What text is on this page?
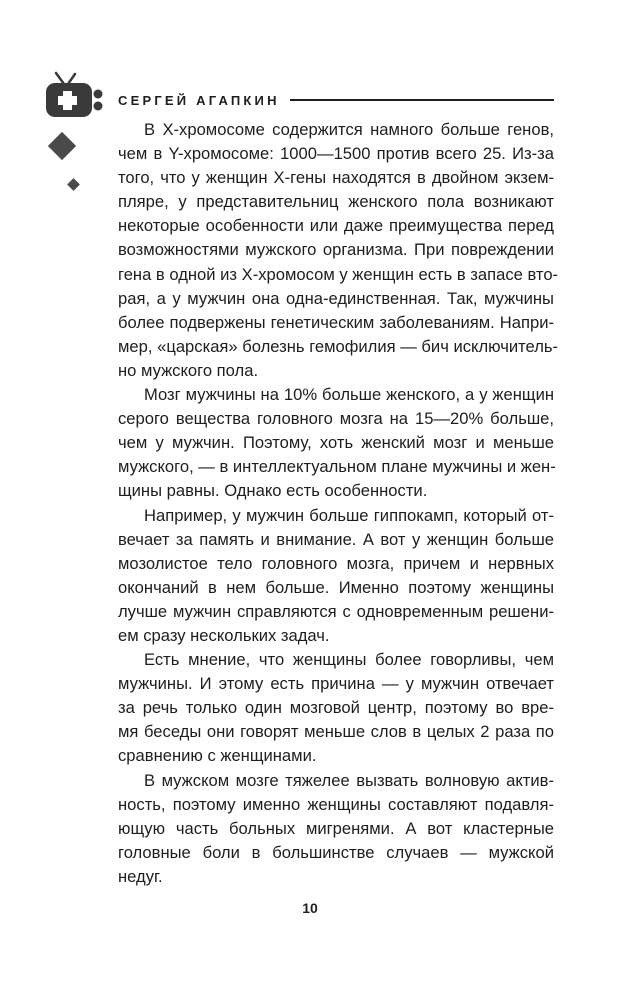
СЕРГЕЙ АГАПКИН

В X-хромосоме содержится намного больше генов,
чем в Y-хромосоме: 1000—1500 против всего 25. Из-за
того, что у женщин X-гены находятся в двойном экзем-
пляре, у представительниц женского пола возникают
некоторые особенности или даже преимущества перед
возможностями мужского организма. При повреждении
гена в одной из X-хромосом у женщин есть в запасе вто-
рая, а у мужчин она одна-единственная. Так, мужчины
более подвержены генетическим заболеваниям. Напри-
мер, «царская» болезнь гемофилия — бич исключитель-
но мужского пола.

Мозг мужчины на 10% больше женского, а у женщин
серого вещества головного мозга на 15—20% больше,
чем у мужчин. Поэтому, хоть женский мозг и меньше
мужского, — в интеллектуальном плане мужчины и жен-
щины равны. Однако есть особенности.

Например, у мужчин больше гиппокамп, который от-
вечает за память и внимание. А вот у женщин больше
мозолистое тело головного мозга, причем и нервных
окончаний в нем больше. Именно поэтому женщины
лучше мужчин справляются с одновременным решени-
ем сразу нескольких задач.

Есть мнение, что женщины более говорливы, чем
мужчины. И этому есть причина — у мужчин отвечает
за речь только один мозговой центр, поэтому во вре-
мя беседы они говорят меньше слов в целых 2 раза по
сравнению с женщинами.

В мужском мозге тяжелее вызвать волновую актив-
ность, поэтому именно женщины составляют подавля-
ющую часть больных мигренями. А вот кластерные
головные боли в большинстве случаев — мужской
недуг.

10
